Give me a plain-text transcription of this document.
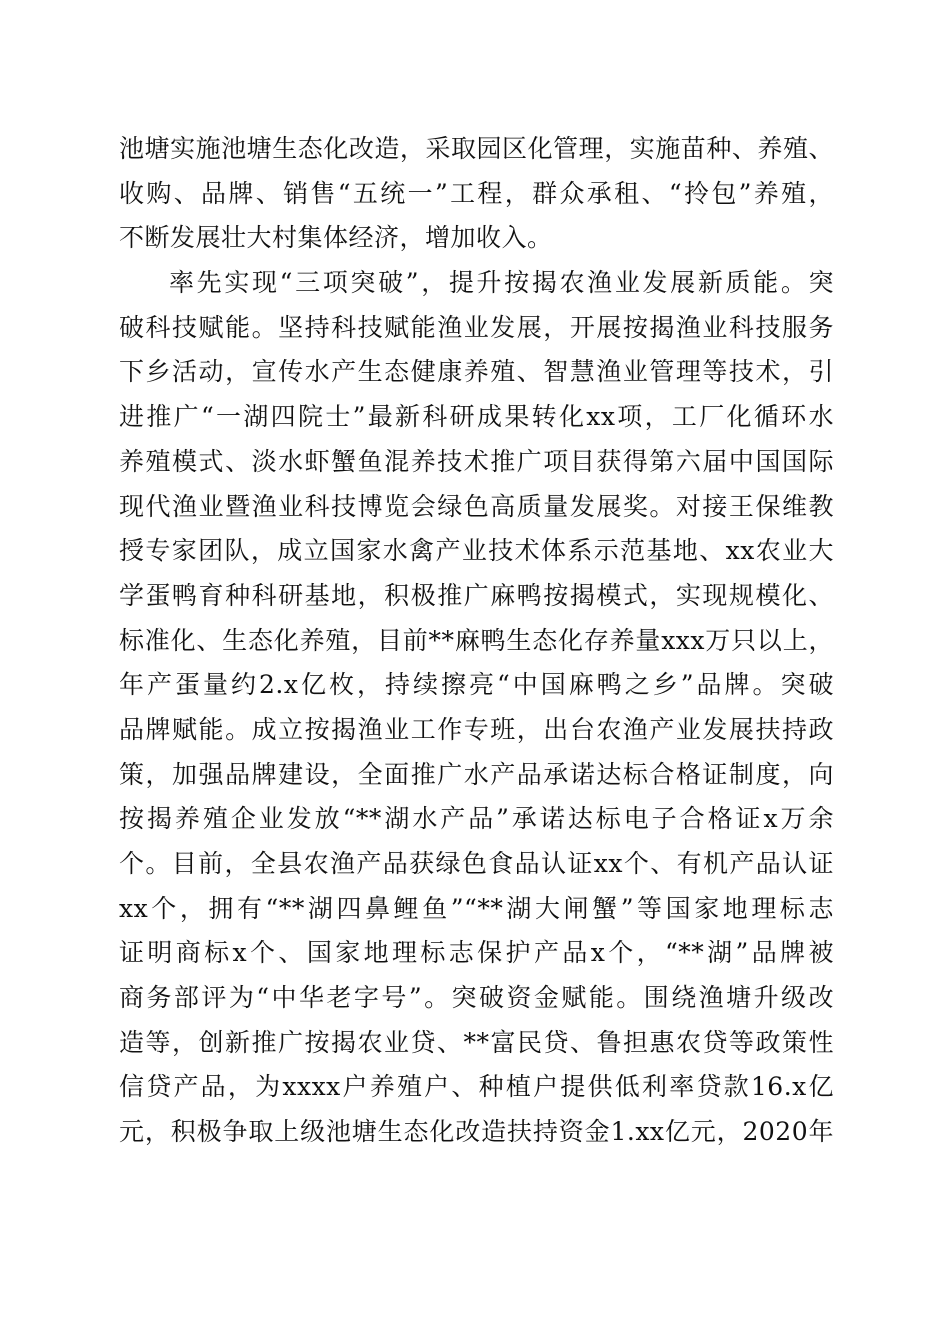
池塘实施池塘生态化改造，采取园区化管理，实施苗种、养殖、
收购、品牌、销售“五统一”工程，群众承租、“拎包”养殖，
不断发展壮大村集体经济，增加收入。
率先实现“三项突破”，提升按揭农渔业发展新质能。突
破科技赋能。坚持科技赋能渔业发展，开展按揭渔业科技服务
下乡活动，宣传水产生态健康养殖、智慧渔业管理等技术，引
进推广“一湖四院士”最新科研成果转化xx项，工厂化循环水
养殖模式、淡水虾蟹鱼混养技术推广项目获得第六届中国国际
现代渔业暨渔业科技博览会绿色高质量发展奖。对接王保维教
授专家团队，成立国家水禽产业技术体系示范基地、xx农业大
学蛋鸭育种科研基地，积极推广麻鸭按揭模式，实现规模化、
标准化、生态化养殖，目前**麻鸭生态化存养量xxx万只以上，
年产蛋量约2.x亿枚，持续擦亮“中国麻鸭之乡”品牌。突破
品牌赋能。成立按揭渔业工作专班，出台农渔产业发展扶持政
策，加强品牌建设，全面推广水产品承诺达标合格证制度，向
按揭养殖企业发放“**湖水产品”承诺达标电子合格证x万余
个。目前，全县农渔产品获绿色食品认证xx个、有机产品认证
xx个，拥有“**湖四鼻鲤鱼”“**湖大闸蟹”等国家地理标志
证明商标x个、国家地理标志保护产品x个，“**湖”品牌被
商务部评为“中华老字号”。突破资金赋能。围绕渔塘升级改
造等，创新推广按揭农业贷、**富民贷、鲁担惠农贷等政策性
信贷产品，为xxxx户养殖户、种植户提供低利率贷款16.x亿
元，积极争取上级池塘生态化改造扶持资金1.xx亿元，2020年
